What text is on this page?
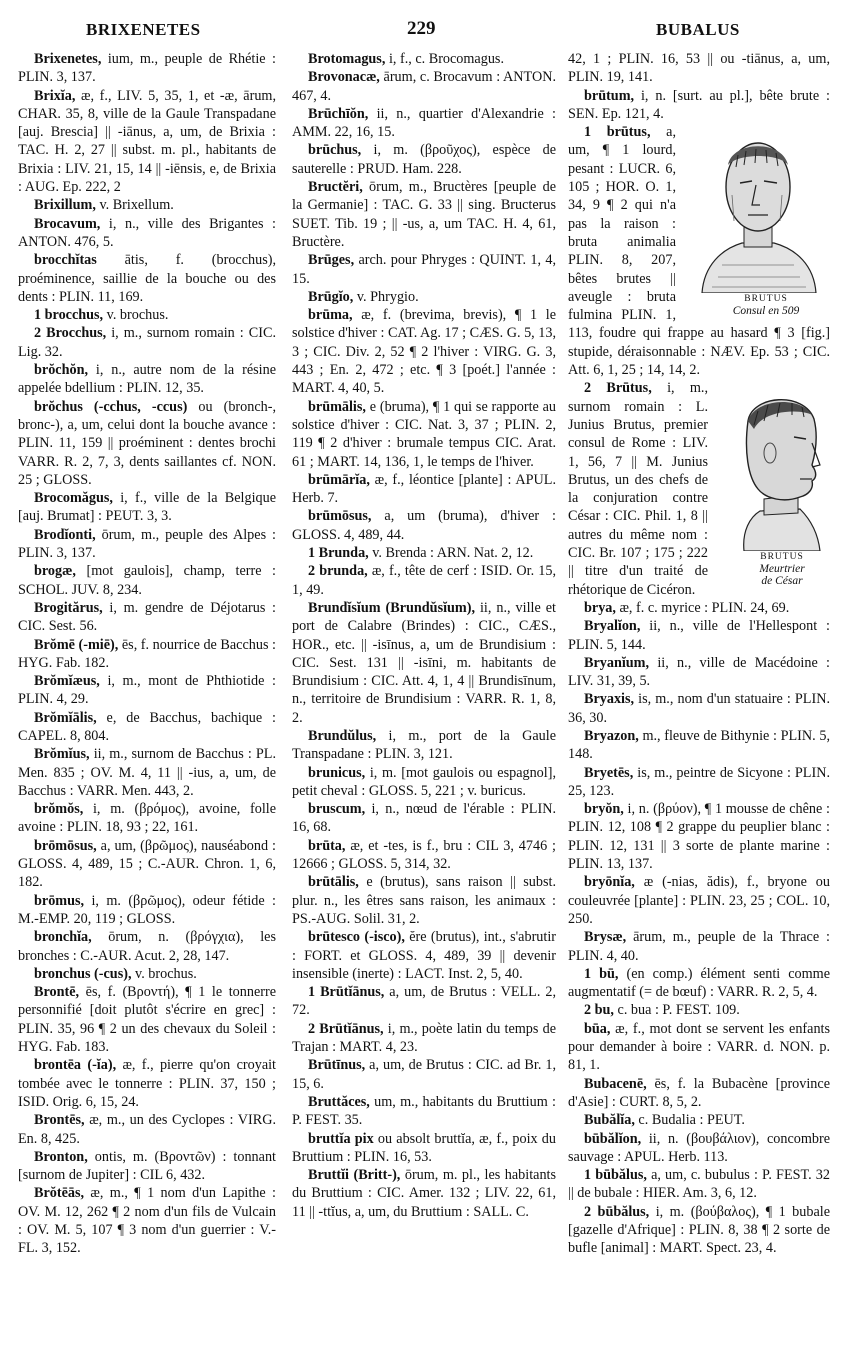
BRIXENETES	229	BUBALUS

Brixenetes, ium, m., peuple de Rhétie : PLIN. 3, 137.

Brixĭa, æ, f., LIV. 5, 35, 1, et -æ, ārum, CHAR. 35, 8, ville de la Gaule Transpadane [auj. Brescia] || -iānus, a, um, de Brixia : TAC. H. 2, 27 || subst. m. pl., habitants de Brixia : LIV. 21, 15, 14 || -iēnsis, e, de Brixia : AUG. Ep. 222, 2

Brixillum, v. Brixellum.

Brocavum, i, n., ville des Brigantes : ANTON. 476, 5.

brocchĭtas ātis, f. (brocchus), proéminence, saillie de la bouche ou des dents : PLIN. 11, 169.

1 brocchus, v. brochus.

2 Brocchus, i, m., surnom romain : CIC. Lig. 32.

brŏchŏn, i, n., autre nom de la résine appelée bdellium : PLIN. 12, 35.

brŏchus (-cchus, -ccus) ou (bronch-, bronc-), a, um, celui dont la bouche avance : PLIN. 11, 159 || proéminent : dentes brochi VARR. R. 2, 7, 3, dents saillantes cf. NON. 25 ; GLOSS.

Brocomăgus, i, f., ville de la Belgique [auj. Brumat] : PEUT. 3, 3.

Brodĭonti, ōrum, m., peuple des Alpes : PLIN. 3, 137.

brogæ, [mot gaulois], champ, terre : SCHOL. JUV. 8, 234.

Brogitărus, i, m. gendre de Déjotarus : CIC. Sest. 56.

Brŏmē (-miē), ēs, f. nourrice de Bacchus : HYG. Fab. 182.

Brŏmĭæus, i, m., mont de Phthiotide : PLIN. 4, 29.

Brŏmĭālis, e, de Bacchus, bachique : CAPEL. 8, 804.

Brŏmĭus, ii, m., surnom de Bacchus : PL. Men. 835 ; OV. M. 4, 11 || -ius, a, um, de Bacchus : VARR. Men. 443, 2.

brŏmŏs, i, m. (βρόμος), avoine, folle avoine : PLIN. 18, 93 ; 22, 161.

brōmōsus, a, um, (βρῶμος), nauséabond : GLOSS. 4, 489, 15 ; C.-AUR. Chron. 1, 6, 182.

brōmus, i, m. (βρῶμος), odeur fétide : M.-EMP. 20, 119 ; GLOSS.

bronchĭa, ōrum, n. (βρόγχια), les bronches : C.-AUR. Acut. 2, 28, 147.

bronchus (-cus), v. brochus.

Brontē, ēs, f. (Βροντή), ¶ 1 le tonnerre personnifié [doit plutôt s'écrire en grec] : PLIN. 35, 96 ¶ 2 un des chevaux du Soleil : HYG. Fab. 183.

brontēa (-ĭa), æ, f., pierre qu'on croyait tombée avec le tonnerre : PLIN. 37, 150 ; ISID. Orig. 6, 15, 24.

Brontēs, æ, m., un des Cyclopes : VIRG. En. 8, 425.

Bronton, ontis, m. (Βροντῶν) : tonnant [surnom de Jupiter] : CIL 6, 432.

Brŏtēās, æ, m., ¶ 1 nom d'un Lapithe : OV. M. 12, 262 ¶ 2 nom d'un fils de Vulcain : OV. M. 5, 107 ¶ 3 nom d'un guerrier : V.-FL. 3, 152.

Brotomagus, i, f., c. Brocomagus.

Brovonacæ, ārum, c. Brocavum : ANTON. 467, 4.

Brūchīŏn, ii, n., quartier d'Alexandrie : AMM. 22, 16, 15.

brūchus, i, m. (βροῦχος), espèce de sauterelle : PRUD. Ham. 228.

Bructĕri, ōrum, m., Bructères [peuple de la Germanie] : TAC. G. 33 || sing. Bructerus SUET. Tib. 19 ; || -us, a, um TAC. H. 4, 61, Bructère.

Brūges, arch. pour Phryges : QUINT. 1, 4, 15.

Brūgĭo, v. Phrygio.

brūma, æ, f. (brevima, brevis), ¶ 1 le solstice d'hiver : CAT. Ag. 17 ; CÆS. G. 5, 13, 3 ; CIC. Div. 2, 52 ¶ 2 l'hiver : VIRG. G. 3, 443 ; En. 2, 472 ; etc. ¶ 3 [poét.] l'année : MART. 4, 40, 5.

brūmālis, e (bruma), ¶ 1 qui se rapporte au solstice d'hiver : CIC. Nat. 3, 37 ; PLIN. 2, 119 ¶ 2 d'hiver : brumale tempus CIC. Arat. 61 ; MART. 14, 136, 1, le temps de l'hiver.

brūmārĭa, æ, f., léontice [plante] : APUL. Herb. 7.

brūmōsus, a, um (bruma), d'hiver : GLOSS. 4, 489, 44.

1 Brunda, v. Brenda : ARN. Nat. 2, 12.

2 brunda, æ, f., tête de cerf : ISID. Or. 15, 1, 49.

Brundĭsĭum (Brundŭsĭum), ii, n., ville et port de Calabre (Brindes) : CIC., CÆS., HOR., etc. || -isīnus, a, um de Brundisium : CIC. Sest. 131 || -isīni, m. habitants de Brundisium : CIC. Att. 4, 1, 4 || Brundisīnum, n., territoire de Brundisium : VARR. R. 1, 8, 2.

Brundŭlus, i, m., port de la Gaule Transpadane : PLIN. 3, 121.

brunicus, i, m. [mot gaulois ou espagnol], petit cheval : GLOSS. 5, 221 ; v. buricus.

bruscum, i, n., nœud de l'érable : PLIN. 16, 68.

brūta, æ, et -tes, is f., bru : CIL 3, 4746 ; 12666 ; GLOSS. 5, 314, 32.

brūtālis, e (brutus), sans raison || subst. plur. n., les êtres sans raison, les animaux : PS.-AUG. Solil. 31, 2.

brūtesco (-isco), ĕre (brutus), int., s'abrutir : FORT. et GLOSS. 4, 489, 39 || devenir insensible (inerte) : LACT. Inst. 2, 5, 40.

1 Brūtĭānus, a, um, de Brutus : VELL. 2, 72.

2 Brūtĭānus, i, m., poète latin du temps de Trajan : MART. 4, 23.

Brūtīnus, a, um, de Brutus : CIC. ad Br. 1, 15, 6.

Bruttăces, um, m., habitants du Bruttium : P. FEST. 35.

bruttĭa pix ou absolt bruttĭa, æ, f., poix du Bruttium : PLIN. 16, 53.

Bruttĭi (Britt-), ōrum, m. pl., les habitants du Bruttium : CIC. Amer. 132 ; LIV. 22, 61, 11 || -ttĭus, a, um, du Bruttium : SALL. C.

42, 1 ; PLIN. 16, 53 || ou -tiānus, a, um, PLIN. 19, 141.

brūtum, i, n. [surt. au pl.], bête brute : SEN. Ep. 121, 4.

BRUTUS
Consul en 509
1 brūtus, a, um, ¶ 1 lourd, pesant : LUCR. 6, 105 ; HOR. O. 1, 34, 9 ¶ 2 qui n'a pas la raison : bruta animalia PLIN. 8, 207, bêtes brutes || aveugle : bruta fulmina PLIN. 1, 113, foudre qui frappe au hasard ¶ 3 [fig.] stupide, déraisonnable : NÆV. Ep. 53 ; CIC. Att. 6, 1, 25 ; 14, 14, 2.

BRUTUS
Meurtrier
de César
2 Brūtus, i, m., surnom romain : L. Junius Brutus, premier consul de Rome : LIV. 1, 56, 7 || M. Junius Brutus, un des chefs de la conjuration contre César : CIC. Phil. 1, 8 || autres du même nom : CIC. Br. 107 ; 175 ; 222 || titre d'un traité de rhétorique de Cicéron.

brya, æ, f. c. myrice : PLIN. 24, 69.

Bryalĭon, ii, n., ville de l'Hellespont : PLIN. 5, 144.

Bryanĭum, ii, n., ville de Macédoine : LIV. 31, 39, 5.

Bryaxis, is, m., nom d'un statuaire : PLIN. 36, 30.

Bryazon, m., fleuve de Bithynie : PLIN. 5, 148.

Bryetēs, is, m., peintre de Sicyone : PLIN. 25, 123.

bryŏn, i, n. (βρύον), ¶ 1 mousse de chêne : PLIN. 12, 108 ¶ 2 grappe du peuplier blanc : PLIN. 12, 131 || 3 sorte de plante marine : PLIN. 13, 137.

bryōnĭa, æ (-nias, ădis), f., bryone ou couleuvrée [plante] : PLIN. 23, 25 ; COL. 10, 250.

Brysæ, ārum, m., peuple de la Thrace : PLIN. 4, 40.

1 bū, (en comp.) élément senti comme augmentatif (= de bœuf) : VARR. R. 2, 5, 4.

2 bu, c. bua : P. FEST. 109.

būa, æ, f., mot dont se servent les enfants pour demander à boire : VARR. d. NON. p. 81, 1.

Bubacenē, ēs, f. la Bubacène [province d'Asie] : CURT. 8, 5, 2.

Bubălĭa, c. Budalia : PEUT.

būbălĭon, ii, n. (βουβάλιον), concombre sauvage : APUL. Herb. 113.

1 būbălus, a, um, c. bubulus : P. FEST. 32 || de bubale : HIER. Am. 3, 6, 12.

2 būbălus, i, m. (βούβαλος), ¶ 1 bubale [gazelle d'Afrique] : PLIN. 8, 38 ¶ 2 sorte de bufle [animal] : MART. Spect. 23, 4.
